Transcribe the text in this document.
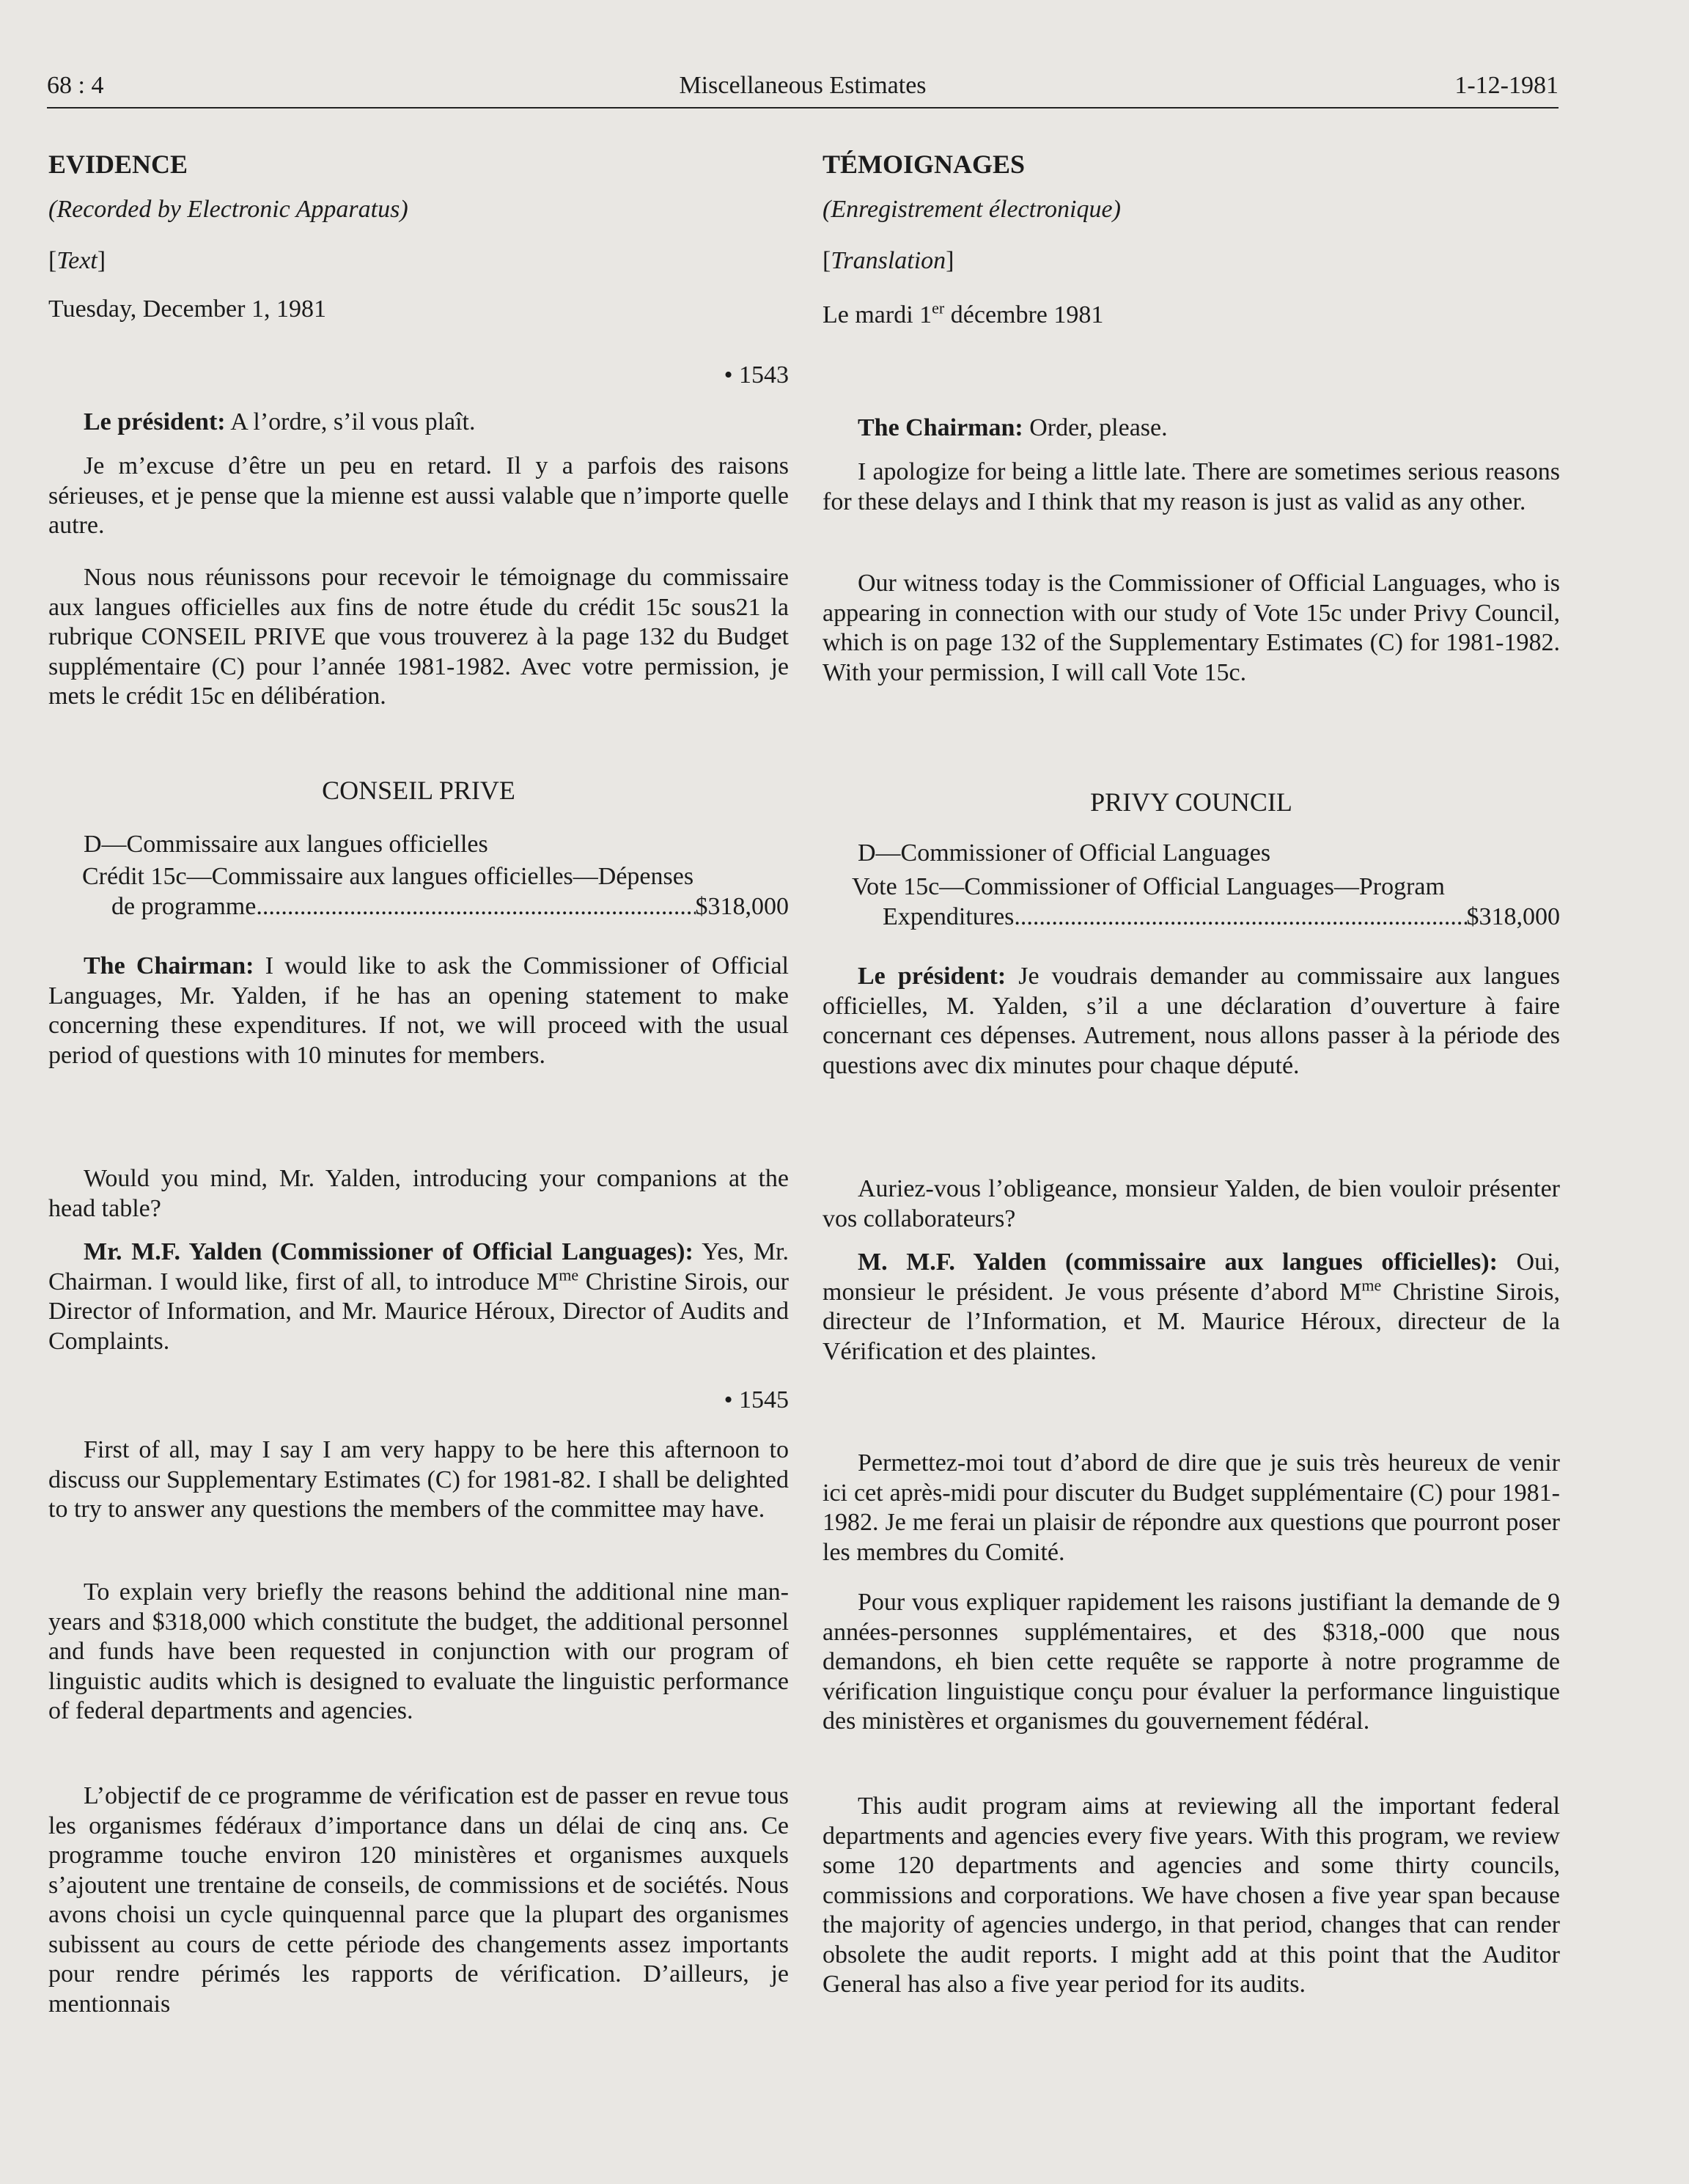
68 : 4	Miscellaneous Estimates	1-12-1981
EVIDENCE
(Recorded by Electronic Apparatus)
[Text]
Tuesday, December 1, 1981
• 1543
Le président: A l’ordre, s’il vous plaît.
Je m’excuse d’être un peu en retard. Il y a parfois des raisons sérieuses, et je pense que la mienne est aussi valable que n’importe quelle autre.
Nous nous réunissons pour recevoir le témoignage du commissaire aux langues officielles aux fins de notre étude du crédit 15c sous21 la rubrique CONSEIL PRIVE que vous trouverez à la page 132 du Budget supplémentaire (C) pour l’année 1981-1982. Avec votre permission, je mets le crédit 15c en délibération.
CONSEIL PRIVE
D—Commissaire aux langues officielles
Crédit 15c—Commissaire aux langues officielles—Dépenses
de programme .....	$318,000
The Chairman: I would like to ask the Commissioner of Official Languages, Mr. Yalden, if he has an opening statement to make concerning these expenditures. If not, we will proceed with the usual period of questions with 10 minutes for members.
Would you mind, Mr. Yalden, introducing your companions at the head table?
Mr. M.F. Yalden (Commissioner of Official Languages): Yes, Mr. Chairman. I would like, first of all, to introduce $M^{me}$ Christine Sirois, our Director of Information, and Mr. Maurice Héroux, Director of Audits and Complaints.
• 1545
First of all, may I say I am very happy to be here this afternoon to discuss our Supplementary Estimates (C) for 1981-82. I shall be delighted to try to answer any questions the members of the committee may have.
To explain very briefly the reasons behind the additional nine man-years and $318,000 which constitute the budget, the additional personnel and funds have been requested in conjunction with our program of linguistic audits which is designed to evaluate the linguistic performance of federal departments and agencies.
L’objectif de ce programme de vérification est de passer en revue tous les organismes fédéraux d’importance dans un délai de cinq ans. Ce programme touche environ 120 ministères et organismes auxquels s’ajoutent une trentaine de conseils, de commissions et de sociétés. Nous avons choisi un cycle quinquennal parce que la plupart des organismes subissent au cours de cette période des changements assez importants pour rendre périmés les rapports de vérification. D’ailleurs, je mentionnais
TÉMOIGNAGES
(Enregistrement électronique)
[Translation]
Le mardi 1er décembre 1981
The Chairman: Order, please.
I apologize for being a little late. There are sometimes serious reasons for these delays and I think that my reason is just as valid as any other.
Our witness today is the Commissioner of Official Languages, who is appearing in connection with our study of Vote 15c under Privy Council, which is on page 132 of the Supplementary Estimates (C) for 1981-1982. With your permission, I will call Vote 15c.
PRIVY COUNCIL
D—Commissioner of Official Languages
Vote 15c—Commissioner of Official Languages—Program
Expenditures .....	$318,000
Le président: Je voudrais demander au commissaire aux langues officielles, M. Yalden, s’il a une déclaration d’ouverture à faire concernant ces dépenses. Autrement, nous allons passer à la période des questions avec dix minutes pour chaque député.
Auriez-vous l’obligeance, monsieur Yalden, de bien vouloir présenter vos collaborateurs?
M. M.F. Yalden (commissaire aux langues officielles): Oui, monsieur le président. Je vous présente d’abord $M^{me}$ Christine Sirois, directeur de l’Information, et M. Maurice Héroux, directeur de la Vérification et des plaintes.
Permettez-moi tout d’abord de dire que je suis très heureux de venir ici cet après-midi pour discuter du Budget supplémentaire (C) pour 1981-1982. Je me ferai un plaisir de répondre aux questions que pourront poser les membres du Comité.
Pour vous expliquer rapidement les raisons justifiant la demande de 9 années-personnes supplémentaires, et des $318,-000 que nous demandons, eh bien cette requête se rapporte à notre programme de vérification linguistique conçu pour évaluer la performance linguistique des ministères et organismes du gouvernement fédéral.
This audit program aims at reviewing all the important federal departments and agencies every five years. With this program, we review some 120 departments and agencies and some thirty councils, commissions and corporations. We have chosen a five year span because the majority of agencies undergo, in that period, changes that can render obsolete the audit reports. I might add at this point that the Auditor General has also a five year period for its audits.
